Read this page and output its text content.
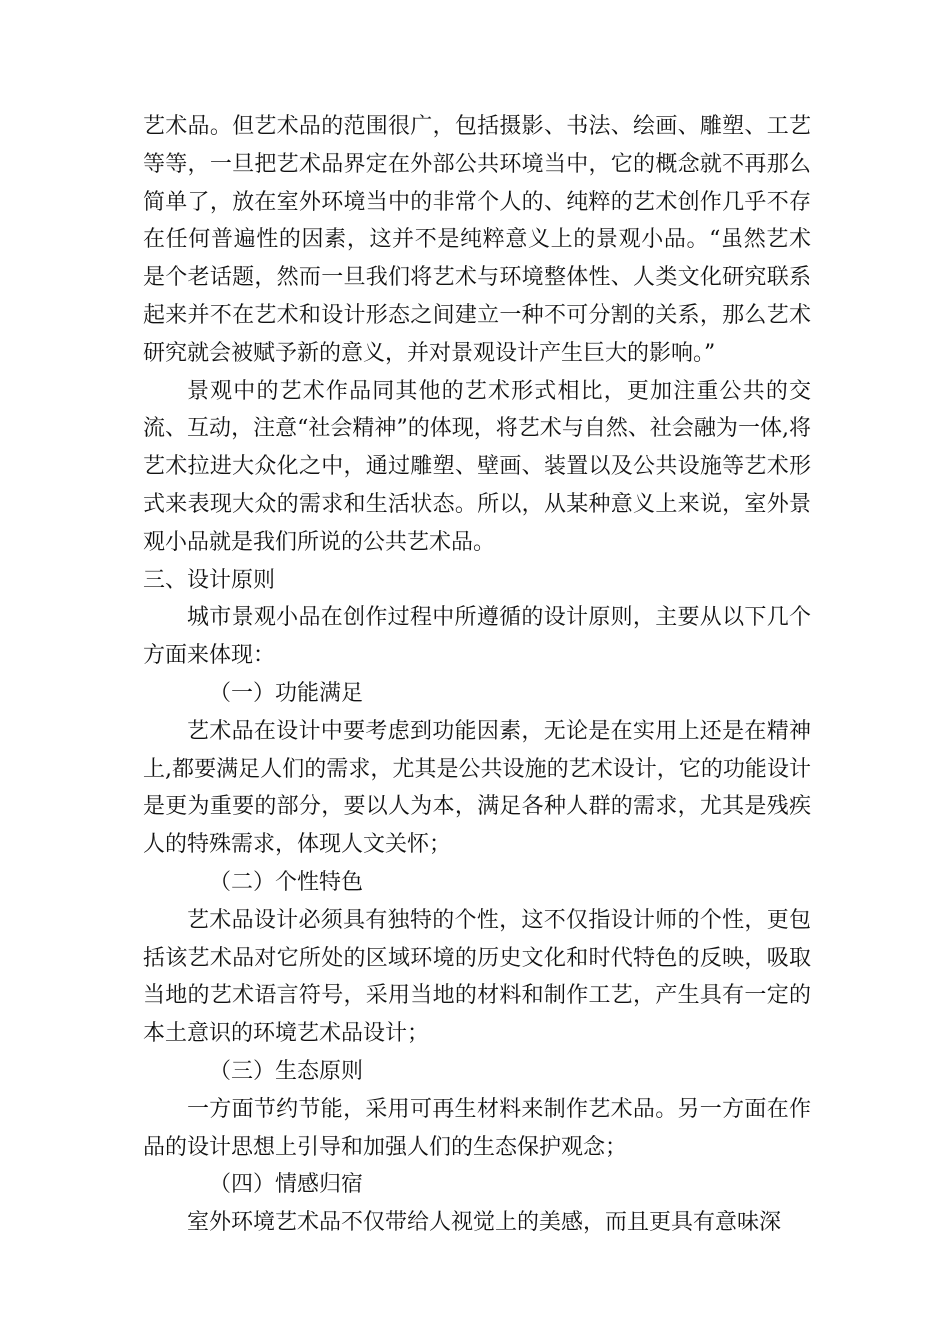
艺术品。但艺术品的范围很广，包括摄影、书法、绘画、雕塑、工艺等等，一旦把艺术品界定在外部公共环境当中，它的概念就不再那么简单了，放在室外环境当中的非常个人的、纯粹的艺术创作几乎不存在任何普遍性的因素，这并不是纯粹意义上的景观小品。“虽然艺术是个老话题，然而一旦我们将艺术与环境整体性、人类文化研究联系起来并不在艺术和设计形态之间建立一种不可分割的关系，那么艺术研究就会被赋予新的意义，并对景观设计产生巨大的影响。”

景观中的艺术作品同其他的艺术形式相比，更加注重公共的交流、互动，注意“社会精神”的体现，将艺术与自然、社会融为一体,将艺术拉进大众化之中，通过雕塑、壁画、装置以及公共设施等艺术形式来表现大众的需求和生活状态。所以，从某种意义上来说，室外景观小品就是我们所说的公共艺术品。

三、设计原则

城市景观小品在创作过程中所遵循的设计原则，主要从以下几个方面来体现：

（一）功能满足

艺术品在设计中要考虑到功能因素，无论是在实用上还是在精神上,都要满足人们的需求，尤其是公共设施的艺术设计，它的功能设计是更为重要的部分，要以人为本，满足各种人群的需求，尤其是残疾人的特殊需求，体现人文关怀；

（二）个性特色

艺术品设计必须具有独特的个性，这不仅指设计师的个性，更包括该艺术品对它所处的区域环境的历史文化和时代特色的反映，吸取当地的艺术语言符号，采用当地的材料和制作工艺，产生具有一定的本土意识的环境艺术品设计；

（三）生态原则

一方面节约节能，采用可再生材料来制作艺术品。另一方面在作品的设计思想上引导和加强人们的生态保护观念；

（四）情感归宿

室外环境艺术品不仅带给人视觉上的美感，而且更具有意味深
